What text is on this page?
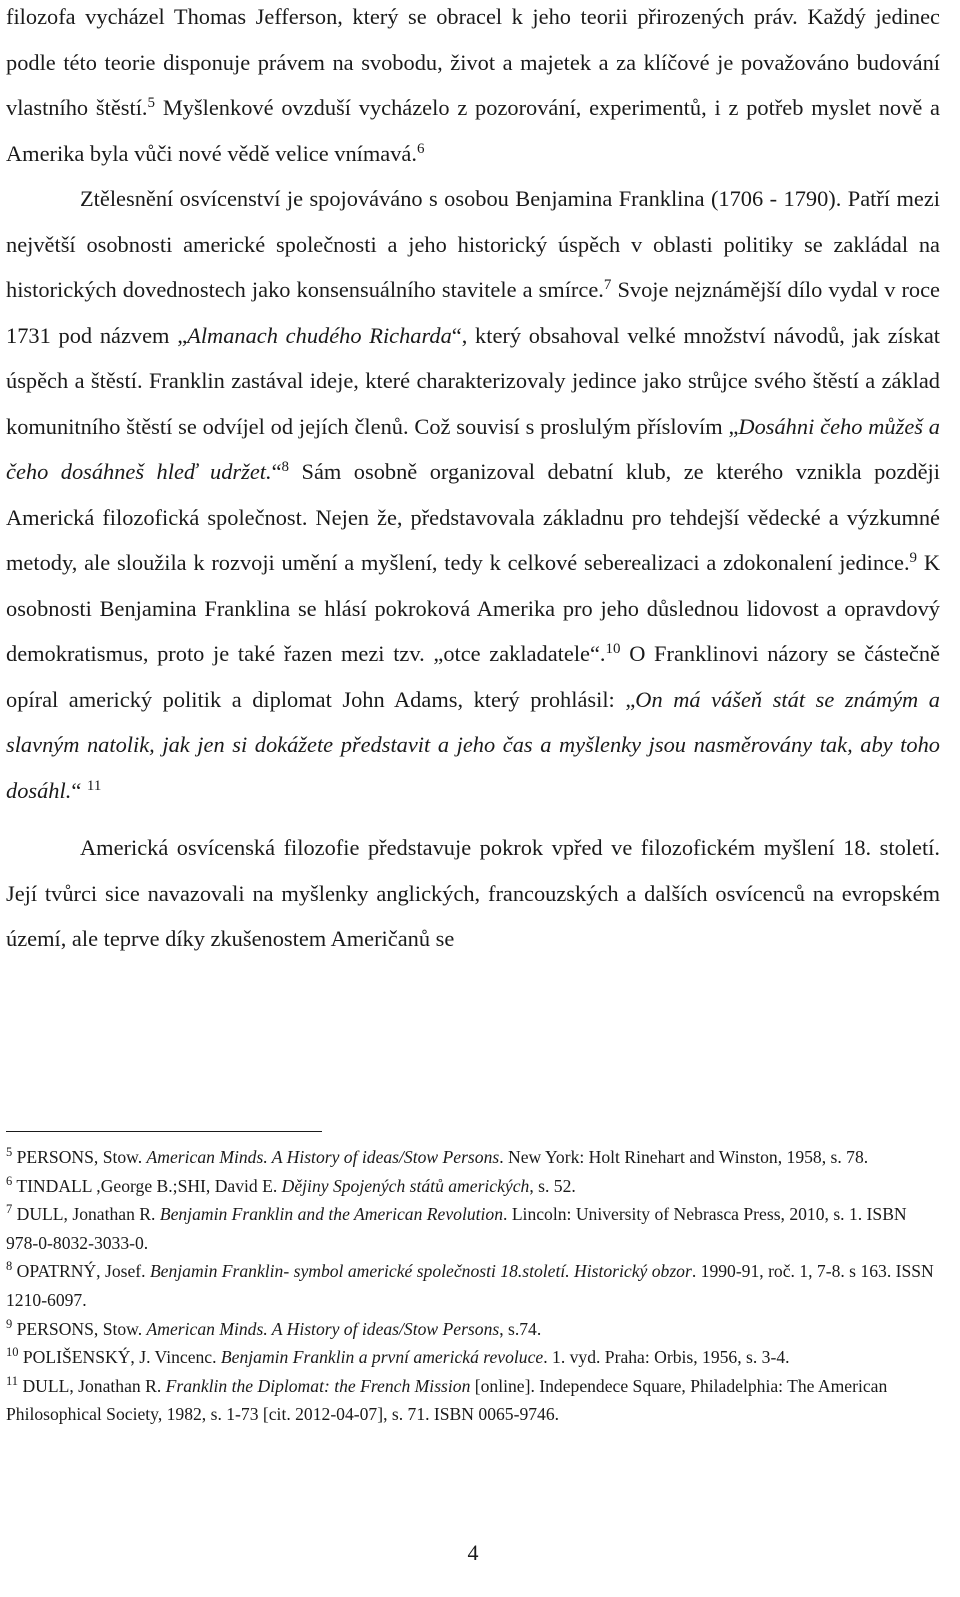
filozofa vycházel Thomas Jefferson, který se obracel k jeho teorii přirozených práv. Každý jedinec podle této teorie disponuje právem na svobodu, život a majetek a za klíčové je považováno budování vlastního štěstí.$^5$ Myšlenkové ovzduší vycházelo z pozorování, experimentů, i z potřeb myslet nově a Amerika byla vůči nové vědě velice vnímavá.$^6$

Ztělesnění osvícenství je spojováváno s osobou Benjamina Franklina (1706 - 1790). Patří mezi největší osobnosti americké společnosti a jeho historický úspěch v oblasti politiky se zakládal na historických dovednostech jako konsensuálního stavitele a smírce.$^7$ Svoje nejznámější dílo vydal v roce 1731 pod názvem „Almanach chudého Richarda“, který obsahoval velké množství návodů, jak získat úspěch a štěstí. Franklin zastával ideje, které charakterizovaly jedince jako strůjce svého štěstí a základ komunitního štěstí se odvíjel od jejích členů. Což souvisí s proslulým příslovím „Dosáhni čeho můžeš a čeho dosáhneš hleď udržet.“$^8$ Sám osobně organizoval debatní klub, ze kterého vznikla později Americká filozofická společnost. Nejen že, představovala základnu pro tehdejší vědecké a výzkumné metody, ale sloužila k rozvoji umění a myšlení, tedy k celkové seberealizaci a zdokonalení jedince.$^9$ K osobnosti Benjamina Franklina se hlásí pokroková Amerika pro jeho důslednou lidovost a opravdový demokratismus, proto je také řazen mezi tzv. „otce zakladatele“.$^{10}$ O Franklinovi názory se částečně opíral americký politik a diplomat John Adams, který prohlásil: „On má vášeň stát se známým a slavným natolik, jak jen si dokážete představit a jeho čas a myšlenky jsou nasměrovány tak, aby toho dosáhl.“ $^{11}$

Americká osvícenská filozofie představuje pokrok vpřed ve filozofickém myšlení 18. století. Její tvůrci sice navazovali na myšlenky anglických, francouzských a dalších osvícenců na evropském území, ale teprve díky zkušenostem Američanů se

$^5$ PERSONS, Stow. American Minds. A History of ideas/Stow Persons. New York: Holt Rinehart and Winston, 1958, s. 78.

$^6$ TINDALL ,George B.;SHI, David E. Dějiny Spojených států amerických, s. 52.

$^7$ DULL, Jonathan R. Benjamin Franklin and the American Revolution. Lincoln: University of Nebrasca Press, 2010, s. 1. ISBN 978-0-8032-3033-0.

$^8$ OPATRNÝ, Josef. Benjamin Franklin- symbol americké společnosti 18.století. Historický obzor. 1990-91, roč. 1, 7-8. s 163. ISSN 1210-6097.

$^9$ PERSONS, Stow. American Minds. A History of ideas/Stow Persons, s.74.

$^{10}$ POLIŠENSKÝ, J. Vincenc. Benjamin Franklin a první americká revoluce. 1. vyd. Praha: Orbis, 1956, s. 3-4.

$^{11}$ DULL, Jonathan R. Franklin the Diplomat: the French Mission [online]. Independece Square, Philadelphia: The American Philosophical Society, 1982, s. 1-73 [cit. 2012-04-07], s. 71. ISBN 0065-9746.

4
